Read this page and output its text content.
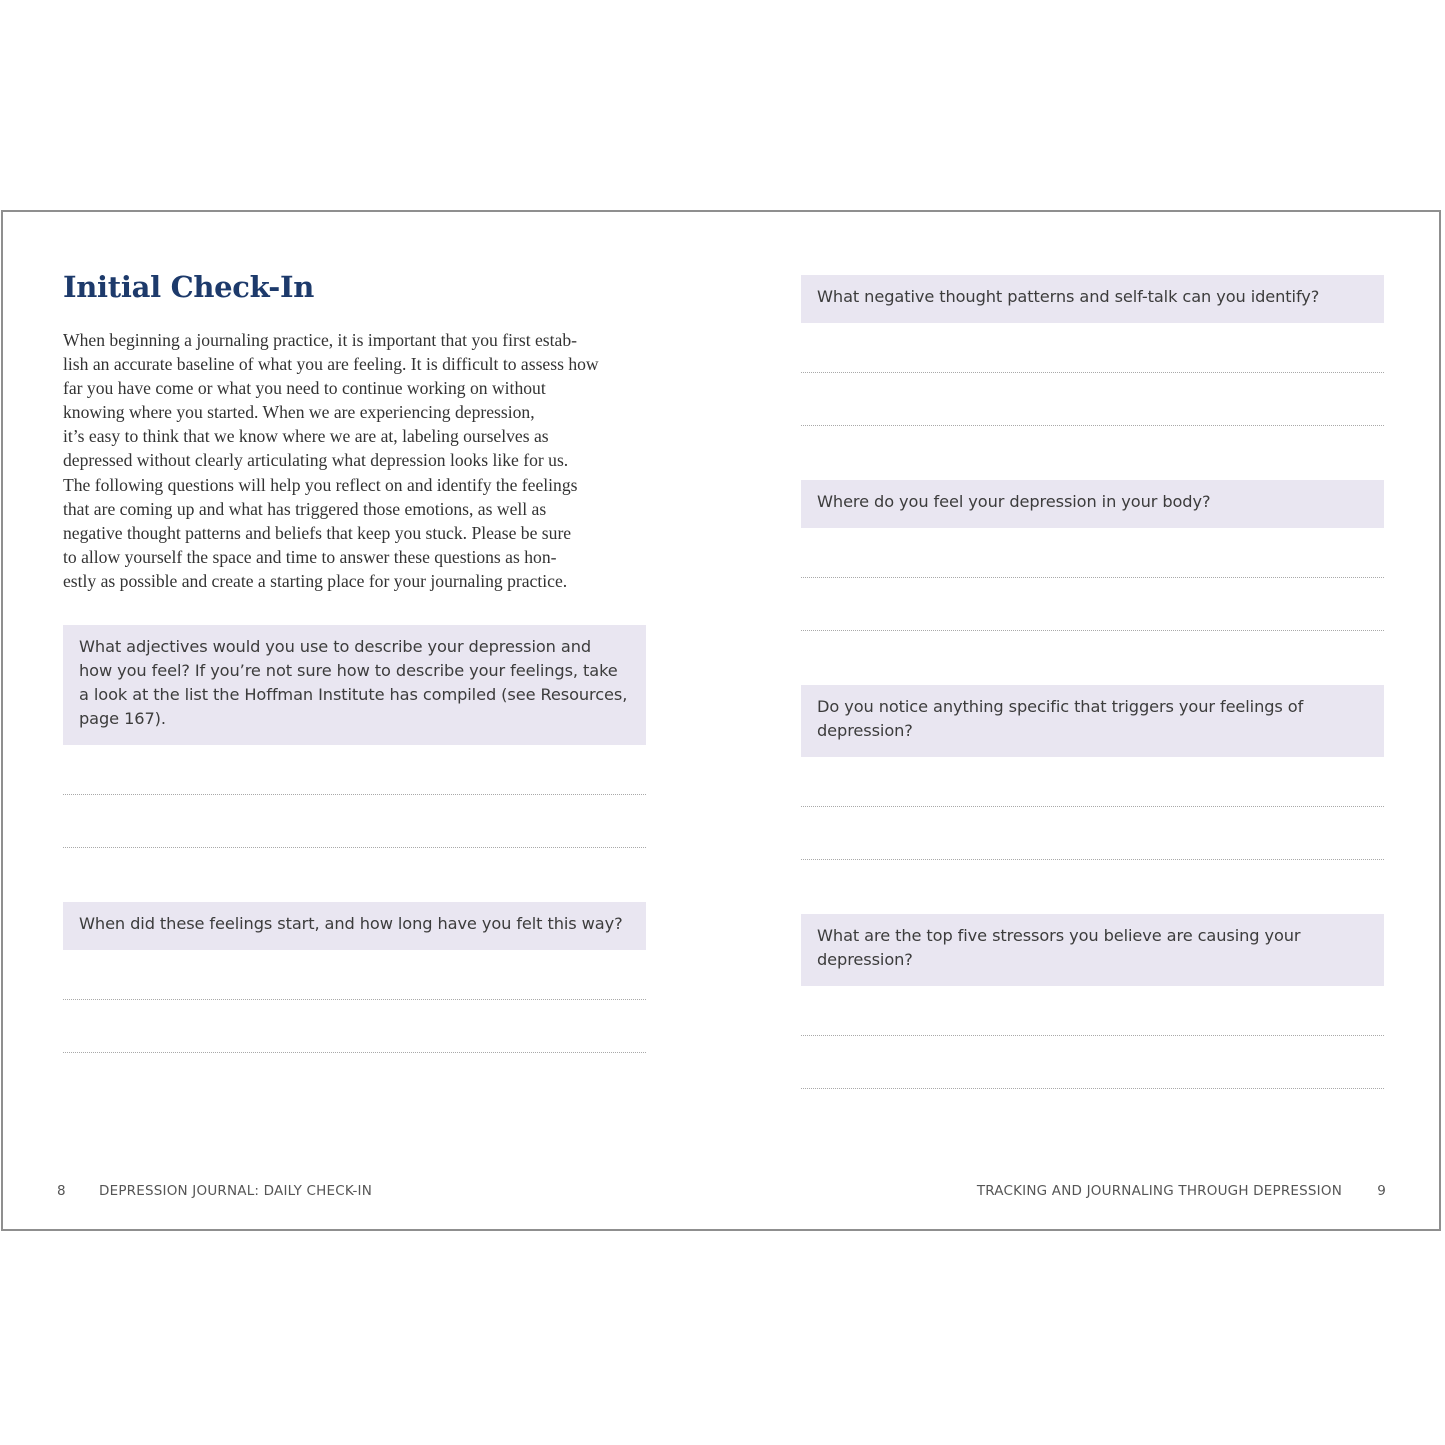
Initial Check-In

When beginning a journaling practice, it is important that you first estab-
lish an accurate baseline of what you are feeling. It is difficult to assess how
far you have come or what you need to continue working on without
knowing where you started. When we are experiencing depression,
it’s easy to think that we know where we are at, labeling ourselves as
depressed without clearly articulating what depression looks like for us.
The following questions will help you reflect on and identify the feelings
that are coming up and what has triggered those emotions, as well as
negative thought patterns and beliefs that keep you stuck. Please be sure
to allow yourself the space and time to answer these questions as hon-
estly as possible and create a starting place for your journaling practice.

What adjectives would you use to describe your depression and
how you feel? If you’re not sure how to describe your feelings, take
a look at the list the Hoffman Institute has compiled (see Resources,
page 167).
When did these feelings start, and how long have you felt this way?
What negative thought patterns and self-talk can you identify?
Where do you feel your depression in your body?
Do you notice anything specific that triggers your feelings of
depression?
What are the top five stressors you believe are causing your
depression?
8 DEPRESSION JOURNAL: DAILY CHECK-IN	TRACKING AND JOURNALING THROUGH DEPRESSION	9
